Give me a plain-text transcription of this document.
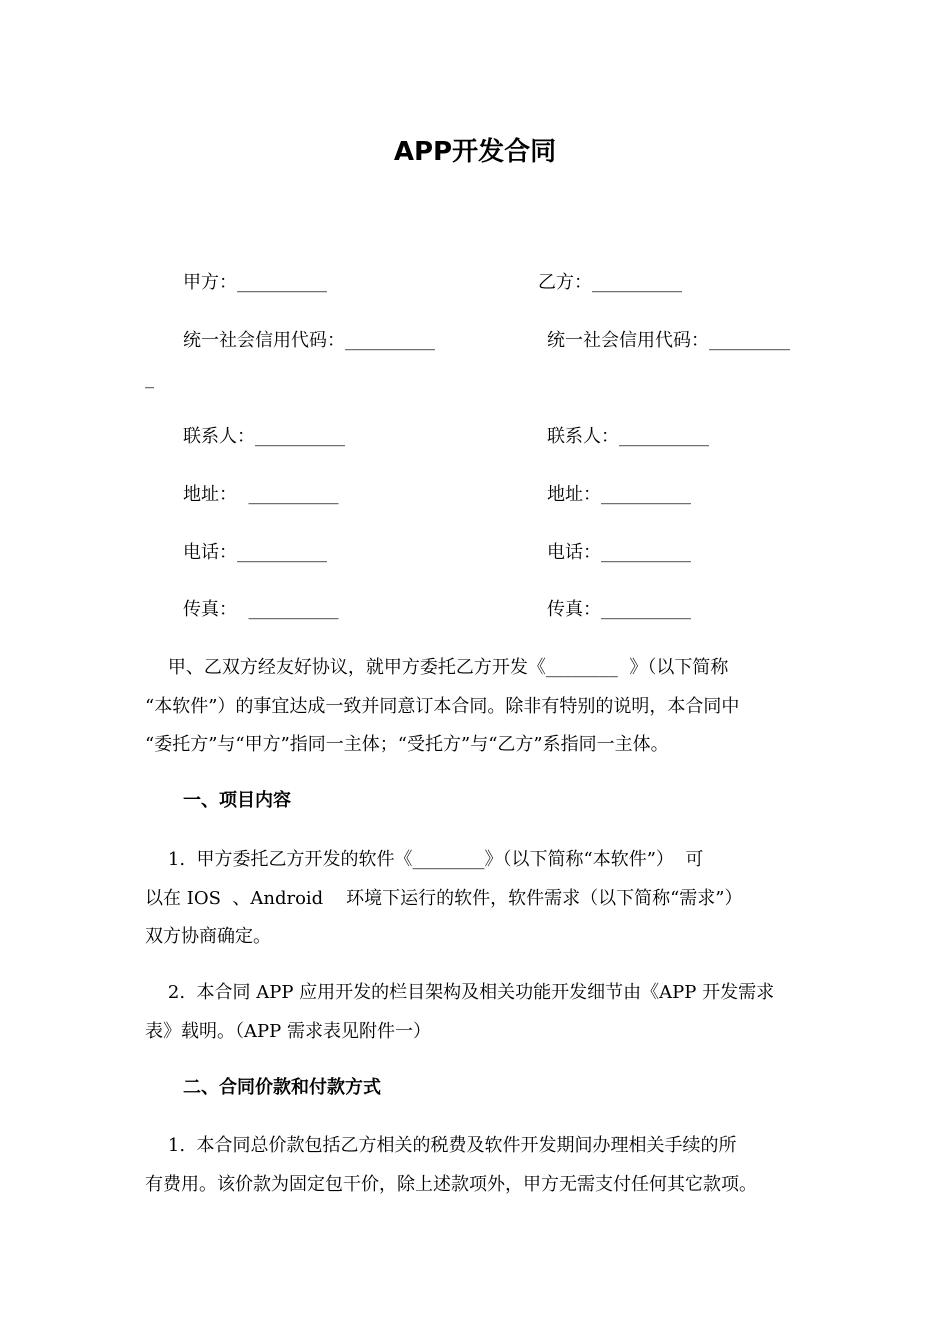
APP开发合同
甲方：__________
统一社会信用代码：__________
联系人：__________
地址：  __________
电话：__________
传真：  __________
乙方：__________
统一社会信用代码：_________
_
联系人：__________
地址：__________
电话：__________
传真：__________
甲、乙双方经友好协议，就甲方委托乙方开发《________  》（以下简称
“本软件”）的事宜达成一致并同意订本合同。除非有特别的说明，本合同中
“委托方”与“甲方”指同一主体；“受托方”与“乙方”系指同一主体。
一、项目内容
1.  甲方委托乙方开发的软件《________》（以下简称“本软件”）  可
以在 IOS  、Android    环境下运行的软件，软件需求（以下简称“需求”）
双方协商确定。
2.  本合同 APP 应用开发的栏目架构及相关功能开发细节由《APP 开发需求
表》载明。（APP 需求表见附件一）
二、合同价款和付款方式
1.  本合同总价款包括乙方相关的税费及软件开发期间办理相关手续的所
有费用。该价款为固定包干价，除上述款项外，甲方无需支付任何其它款项。
